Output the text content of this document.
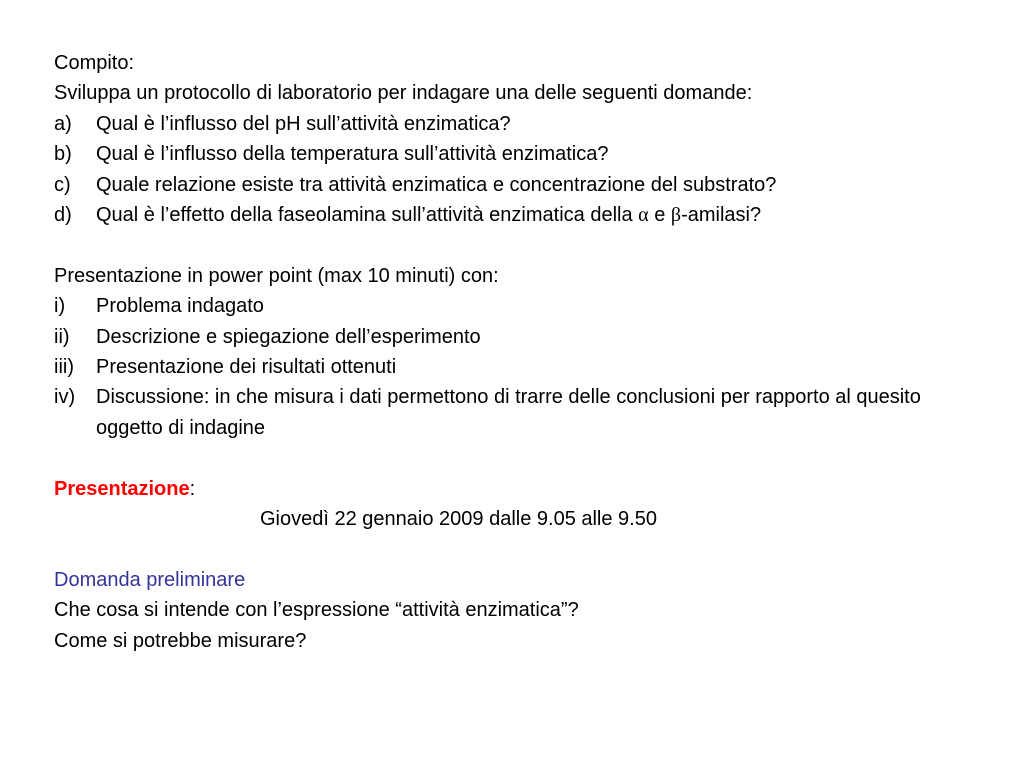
Compito:
Sviluppa un protocollo di laboratorio per indagare una delle seguenti domande:
a)	Qual è l’influsso del pH sull’attività enzimatica?
b)	Qual è l’influsso della temperatura sull’attività enzimatica?
c)	Quale relazione esiste tra attività enzimatica e concentrazione del substrato?
d)	Qual è l’effetto della faseolamina sull’attività enzimatica della α e β-amilasi?
Presentazione in power point (max 10 minuti) con:
i)	Problema indagato
ii)	Descrizione e spiegazione dell’esperimento
iii)	Presentazione dei risultati ottenuti
iv)	Discussione: in che misura i dati permettono di trarre delle conclusioni per rapporto al quesito oggetto di indagine
Presentazione:
Giovedì 22 gennaio 2009 dalle 9.05 alle 9.50
Domanda preliminare
Che cosa si intende con l’espressione “attività enzimatica”?
Come si potrebbe misurare?
